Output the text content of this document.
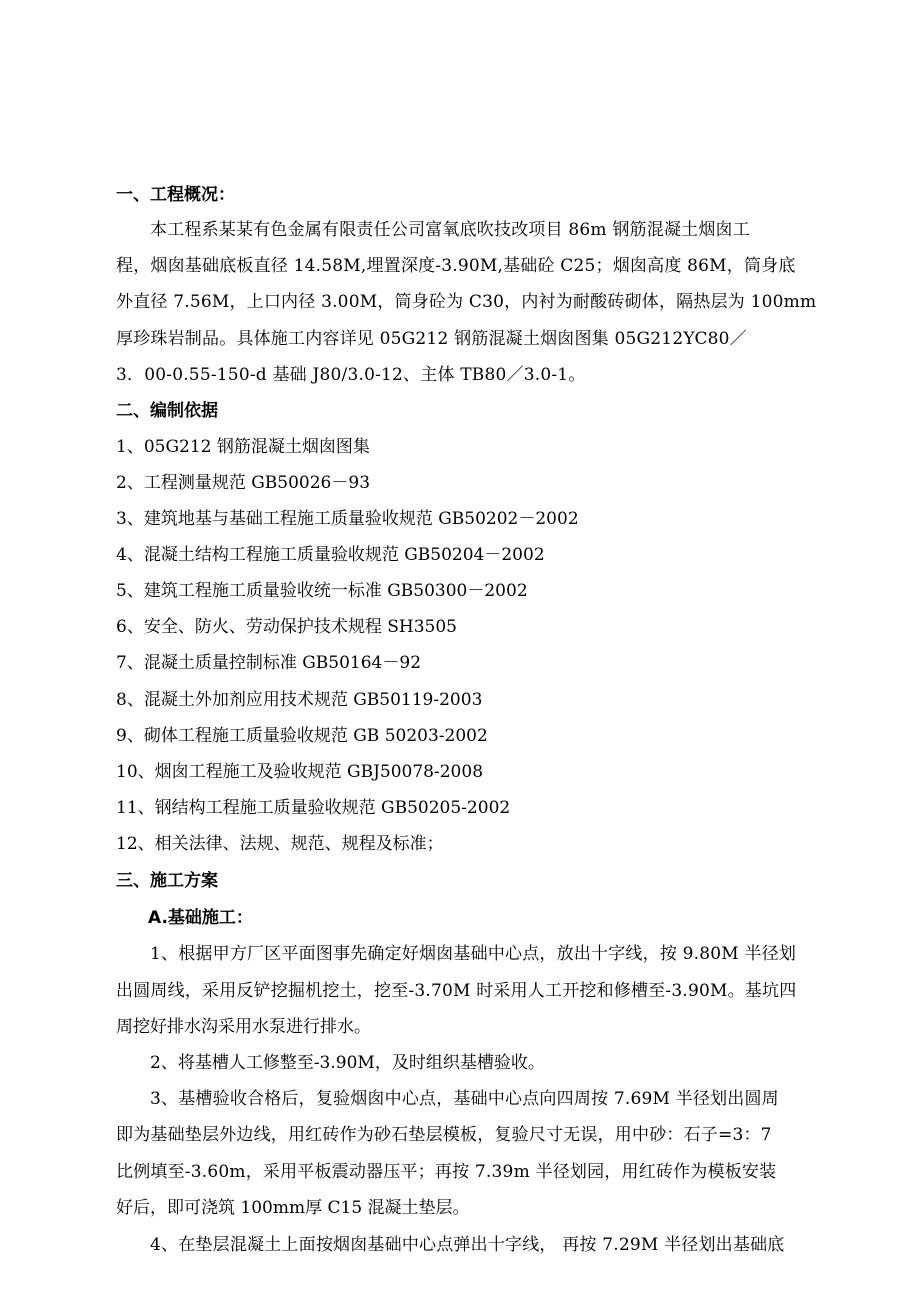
一、工程概况：
本工程系某某有色金属有限责任公司富氧底吹技改项目 86m 钢筋混凝土烟囱工
程，烟囱基础底板直径 14.58M,埋置深度-3.90M,基础砼 C25；烟囱高度 86M，筒身底
外直径 7.56M，上口内径 3.00M，筒身砼为 C30，内衬为耐酸砖砌体，隔热层为 100mm
厚珍珠岩制品。具体施工内容详见 05G212 钢筋混凝土烟囱图集 05G212YC80／
3．00-0.55-150-d 基础 J80/3.0-12、主体 TB80／3.0-1。
二、编制依据
1、05G212 钢筋混凝土烟囱图集
2、工程测量规范 GB50026－93
3、建筑地基与基础工程施工质量验收规范 GB50202－2002
4、混凝土结构工程施工质量验收规范 GB50204－2002
5、建筑工程施工质量验收统一标准 GB50300－2002
6、安全、防火、劳动保护技术规程 SH3505
7、混凝土质量控制标准 GB50164－92
8、混凝土外加剂应用技术规范 GB50119-2003
9、砌体工程施工质量验收规范 GB 50203-2002
10、烟囱工程施工及验收规范 GBJ50078-2008
11、钢结构工程施工质量验收规范 GB50205-2002
12、相关法律、法规、规范、规程及标准；
三、施工方案
A.基础施工：
1、根据甲方厂区平面图事先确定好烟囱基础中心点，放出十字线，按 9.80M 半径划
出圆周线，采用反铲挖掘机挖土，挖至-3.70M 时采用人工开挖和修槽至-3.90M。基坑四
周挖好排水沟采用水泵进行排水。
2、将基槽人工修整至-3.90M，及时组织基槽验收。
3、基槽验收合格后，复验烟囱中心点，基础中心点向四周按 7.69M 半径划出圆周
即为基础垫层外边线，用红砖作为砂石垫层模板，复验尺寸无误，用中砂：石子=3：7
比例填至-3.60m，采用平板震动器压平；再按 7.39m 半径划园，用红砖作为模板安装
好后，即可浇筑 100mm厚 C15 混凝土垫层。
4、在垫层混凝土上面按烟囱基础中心点弹出十字线， 再按 7.29M 半径划出基础底
